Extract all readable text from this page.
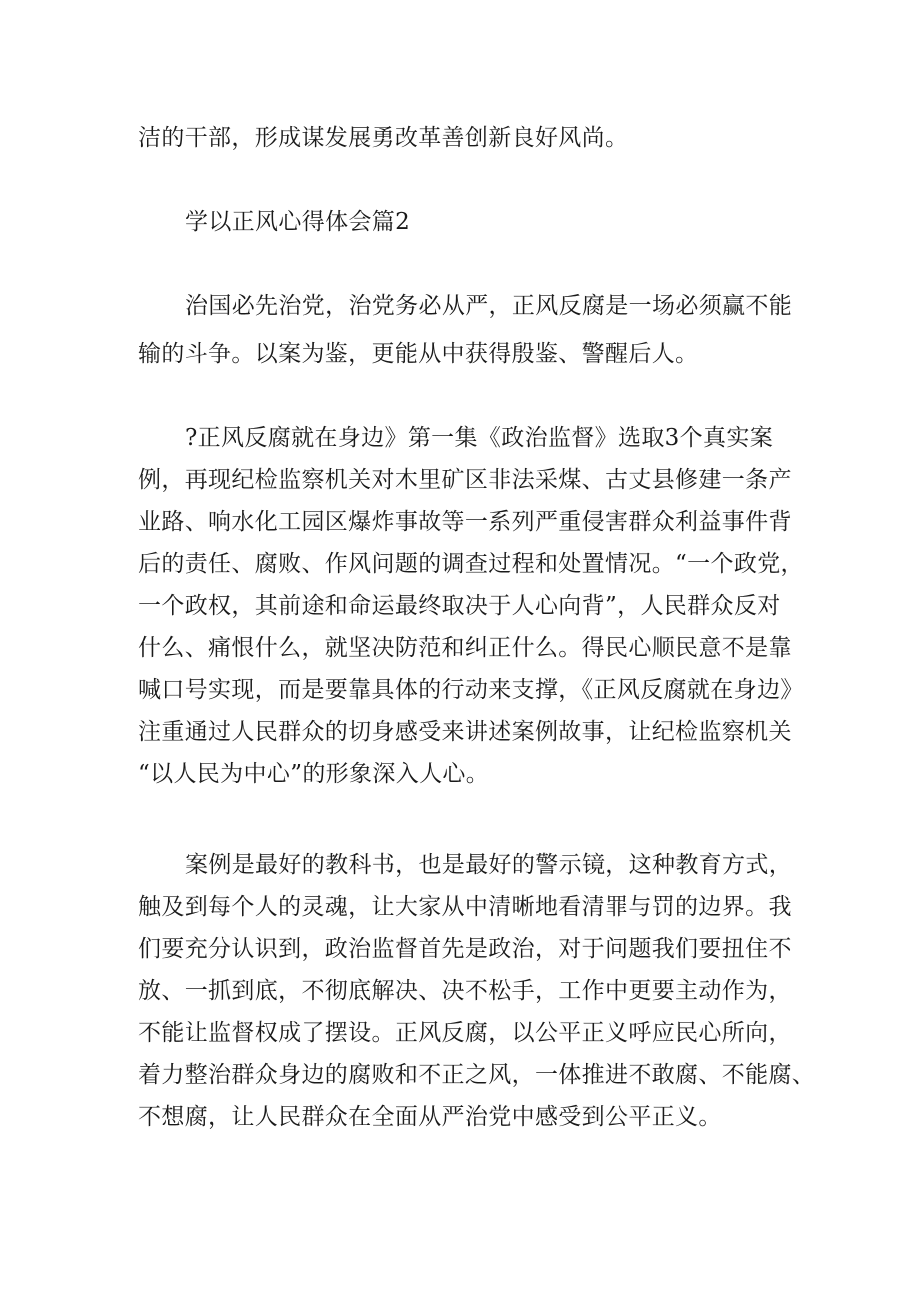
洁的干部，形成谋发展勇改革善创新良好风尚。
学以正风心得体会篇2
治国必先治党，治党务必从严，正风反腐是一场必须赢不能
输的斗争。以案为鉴，更能从中获得殷鉴、警醒后人。
?正风反腐就在身边》第一集《政治监督》选取3个真实案
例，再现纪检监察机关对木里矿区非法采煤、古丈县修建一条产
业路、响水化工园区爆炸事故等一系列严重侵害群众利益事件背
后的责任、腐败、作风问题的调查过程和处置情况。“一个政党，
一个政权，其前途和命运最终取决于人心向背”，人民群众反对
什么、痛恨什么，就坚决防范和纠正什么。得民心顺民意不是靠
喊口号实现，而是要靠具体的行动来支撑，《正风反腐就在身边》
注重通过人民群众的切身感受来讲述案例故事，让纪检监察机关
“以人民为中心”的形象深入人心。
案例是最好的教科书，也是最好的警示镜，这种教育方式，
触及到每个人的灵魂，让大家从中清晰地看清罪与罚的边界。我
们要充分认识到，政治监督首先是政治，对于问题我们要扭住不
放、一抓到底，不彻底解决、决不松手，工作中更要主动作为，
不能让监督权成了摆设。正风反腐，以公平正义呼应民心所向，
着力整治群众身边的腐败和不正之风，一体推进不敢腐、不能腐、
不想腐，让人民群众在全面从严治党中感受到公平正义。
